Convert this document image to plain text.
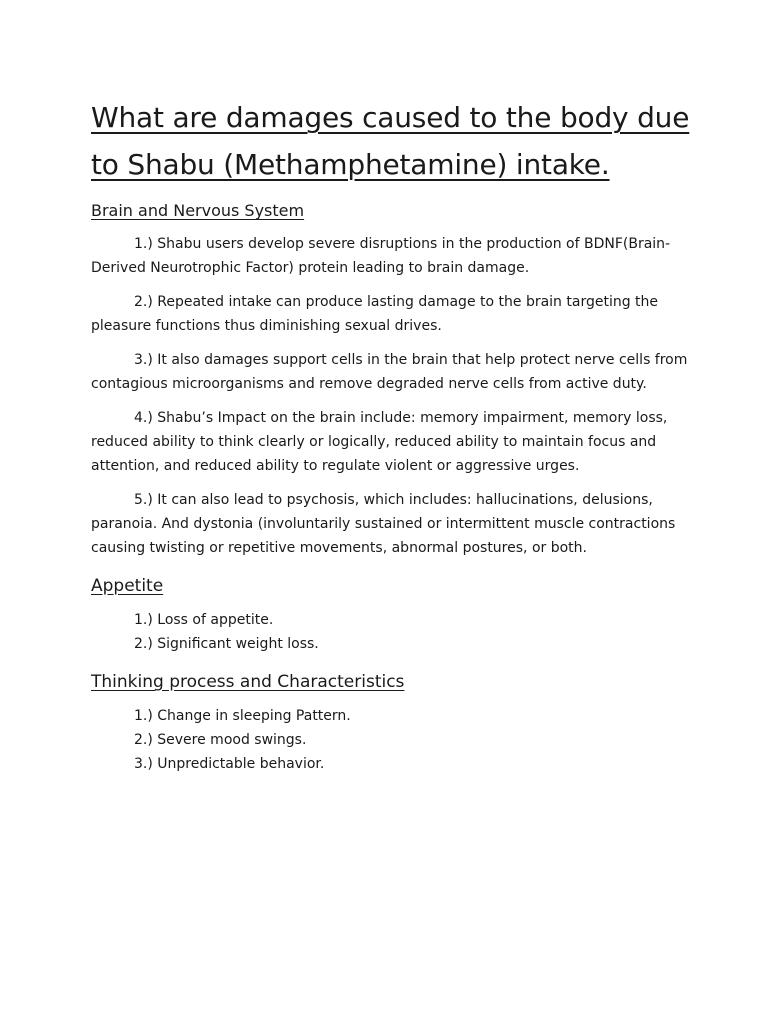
What are damages caused to the body due
to Shabu (Methamphetamine) intake.
Brain and Nervous System

1.) Shabu users develop severe disruptions in the production of BDNF(Brain-Derived Neurotrophic Factor) protein leading to brain damage.

2.) Repeated intake can produce lasting damage to the brain targeting the pleasure functions thus diminishing sexual drives.

3.) It also damages support cells in the brain that help protect nerve cells from contagious microorganisms and remove degraded nerve cells from active duty.

4.) Shabu’s Impact on the brain include: memory impairment, memory loss, reduced ability to think clearly or logically, reduced ability to maintain focus and attention, and reduced ability to regulate violent or aggressive urges.

5.) It can also lead to psychosis, which includes: hallucinations, delusions, paranoia. And dystonia (involuntarily sustained or intermittent muscle contractions causing twisting or repetitive movements, abnormal postures, or both.

Appetite
1.) Loss of appetite.
2.) Significant weight loss.
Thinking process and Characteristics
1.) Change in sleeping Pattern.
2.) Severe mood swings.
3.) Unpredictable behavior.
